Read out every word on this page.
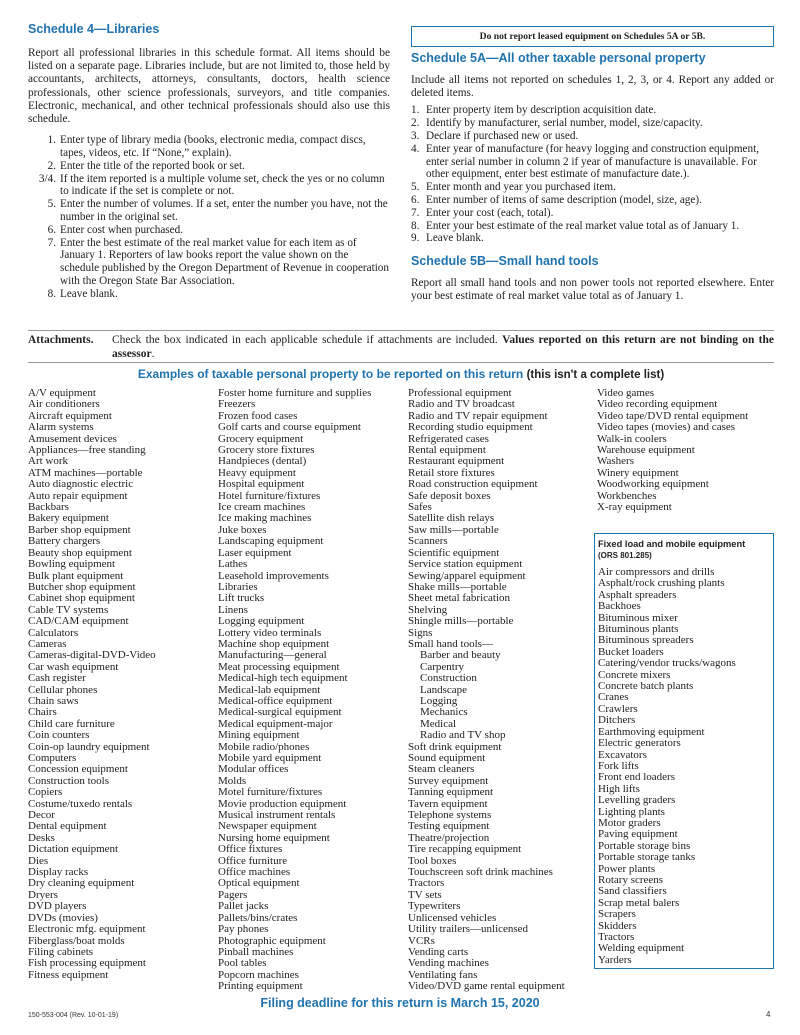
Schedule 4—Libraries

Report all professional libraries in this schedule format. All items should be listed on a separate page. Libraries include, but are not limited to, those held by accountants, architects, attorneys, consultants, doctors, health science professionals, other science professionals, surveyors, and title companies. Electronic, mechanical, and other technical professionals should also use this schedule.

1. Enter type of library media (books, electronic media, compact discs, tapes, videos, etc. If “None,” explain).
2. Enter the title of the reported book or set.
3/4. If the item reported is a multiple volume set, check the yes or no column to indicate if the set is complete or not.
5. Enter the number of volumes. If a set, enter the number you have, not the number in the original set.
6. Enter cost when purchased.
7. Enter the best estimate of the real market value for each item as of January 1. Reporters of law books report the value shown on the schedule published by the Oregon Department of Revenue in cooperation with the Oregon State Bar Association.
8. Leave blank.
Do not report leased equipment on Schedules 5A or 5B.
Schedule 5A—All other taxable personal property

Include all items not reported on schedules 1, 2, 3, or 4. Report any added or deleted items.

1. Enter property item by description acquisition date.
2. Identify by manufacturer, serial number, model, size/capacity.
3. Declare if purchased new or used.
4. Enter year of manufacture (for heavy logging and construction equipment, enter serial number in column 2 if year of manufacture is unavailable. For other equipment, enter best estimate of manufacture date.).
5. Enter month and year you purchased item.
6. Enter number of items of same description (model, size, age).
7. Enter your cost (each, total).
8. Enter your best estimate of the real market value total as of January 1.
9. Leave blank.
Schedule 5B—Small hand tools

Report all small hand tools and non power tools not reported elsewhere. Enter your best estimate of real market value total as of January 1.

Attachments.	Check the box indicated in each applicable schedule if attachments are included. Values reported on this return are not binding on the assessor.
Examples of taxable personal property to be reported on this return (this isn't a complete list)
A/V equipment
Air conditioners
Aircraft equipment
Alarm systems
Amusement devices
Appliances—free standing
Art work
ATM machines—portable
Auto diagnostic electric
Auto repair equipment
Backbars
Bakery equipment
Barber shop equipment
Battery chargers
Beauty shop equipment
Bowling equipment
Bulk plant equipment
Butcher shop equipment
Cabinet shop equipment
Cable TV systems
CAD/CAM equipment
Calculators
Cameras
Cameras-digital-DVD-Video
Car wash equipment
Cash register
Cellular phones
Chain saws
Chairs
Child care furniture
Coin counters
Coin-op laundry equipment
Computers
Concession equipment
Construction tools
Copiers
Costume/tuxedo rentals
Decor
Dental equipment
Desks
Dictation equipment
Dies
Display racks
Dry cleaning equipment
Dryers
DVD players
DVDs (movies)
Electronic mfg. equipment
Fiberglass/boat molds
Filing cabinets
Fish processing equipment
Fitness equipment
Foster home furniture and supplies
Freezers
Frozen food cases
Golf carts and course equipment
Grocery equipment
Grocery store fixtures
Handpieces (dental)
Heavy equipment
Hospital equipment
Hotel furniture/fixtures
Ice cream machines
Ice making machines
Juke boxes
Landscaping equipment
Laser equipment
Lathes
Leasehold improvements
Libraries
Lift trucks
Linens
Logging equipment
Lottery video terminals
Machine shop equipment
Manufacturing—general
Meat processing equipment
Medical-high tech equipment
Medical-lab equipment
Medical-office equipment
Medical-surgical equipment
Medical equipment-major
Mining equipment
Mobile radio/phones
Mobile yard equipment
Modular offices
Molds
Motel furniture/fixtures
Movie production equipment
Musical instrument rentals
Newspaper equipment
Nursing home equipment
Office fixtures
Office furniture
Office machines
Optical equipment
Pagers
Pallet jacks
Pallets/bins/crates
Pay phones
Photographic equipment
Pinball machines
Pool tables
Popcorn machines
Printing equipment
Professional equipment
Radio and TV broadcast
Radio and TV repair equipment
Recording studio equipment
Refrigerated cases
Rental equipment
Restaurant equipment
Retail store fixtures
Road construction equipment
Safe deposit boxes
Safes
Satellite dish relays
Saw mills—portable
Scanners
Scientific equipment
Service station equipment
Sewing/apparel equipment
Shake mills—portable
Sheet metal fabrication
Shelving
Shingle mills—portable
Signs
Small hand tools—
Barber and beauty
Carpentry
Construction
Landscape
Logging
Mechanics
Medical
Radio and TV shop
Soft drink equipment
Sound equipment
Steam cleaners
Survey equipment
Tanning equipment
Tavern equipment
Telephone systems
Testing equipment
Theatre/projection
Tire recapping equipment
Tool boxes
Touchscreen soft drink machines
Tractors
TV sets
Typewriters
Unlicensed vehicles
Utility trailers—unlicensed
VCRs
Vending carts
Vending machines
Ventilating fans
Video/DVD game rental equipment
Video games
Video recording equipment
Video tape/DVD rental equipment
Video tapes (movies) and cases
Walk-in coolers
Warehouse equipment
Washers
Winery equipment
Woodworking equipment
Workbenches
X-ray equipment
Fixed load and mobile equipment
(ORS 801.285)
Air compressors and drills
Asphalt/rock crushing plants
Asphalt spreaders
Backhoes
Bituminous mixer
Bituminous plants
Bituminous spreaders
Bucket loaders
Catering/vendor trucks/wagons
Concrete mixers
Concrete batch plants
Cranes
Crawlers
Ditchers
Earthmoving equipment
Electric generators
Excavators
Fork lifts
Front end loaders
High lifts
Levelling graders
Lighting plants
Motor graders
Paving equipment
Portable storage bins
Portable storage tanks
Power plants
Rotary screens
Sand classifiers
Scrap metal balers
Scrapers
Skidders
Tractors
Welding equipment
Yarders
Filing deadline for this return is March 15, 2020
150-553-004 (Rev. 10-01-19)	4
